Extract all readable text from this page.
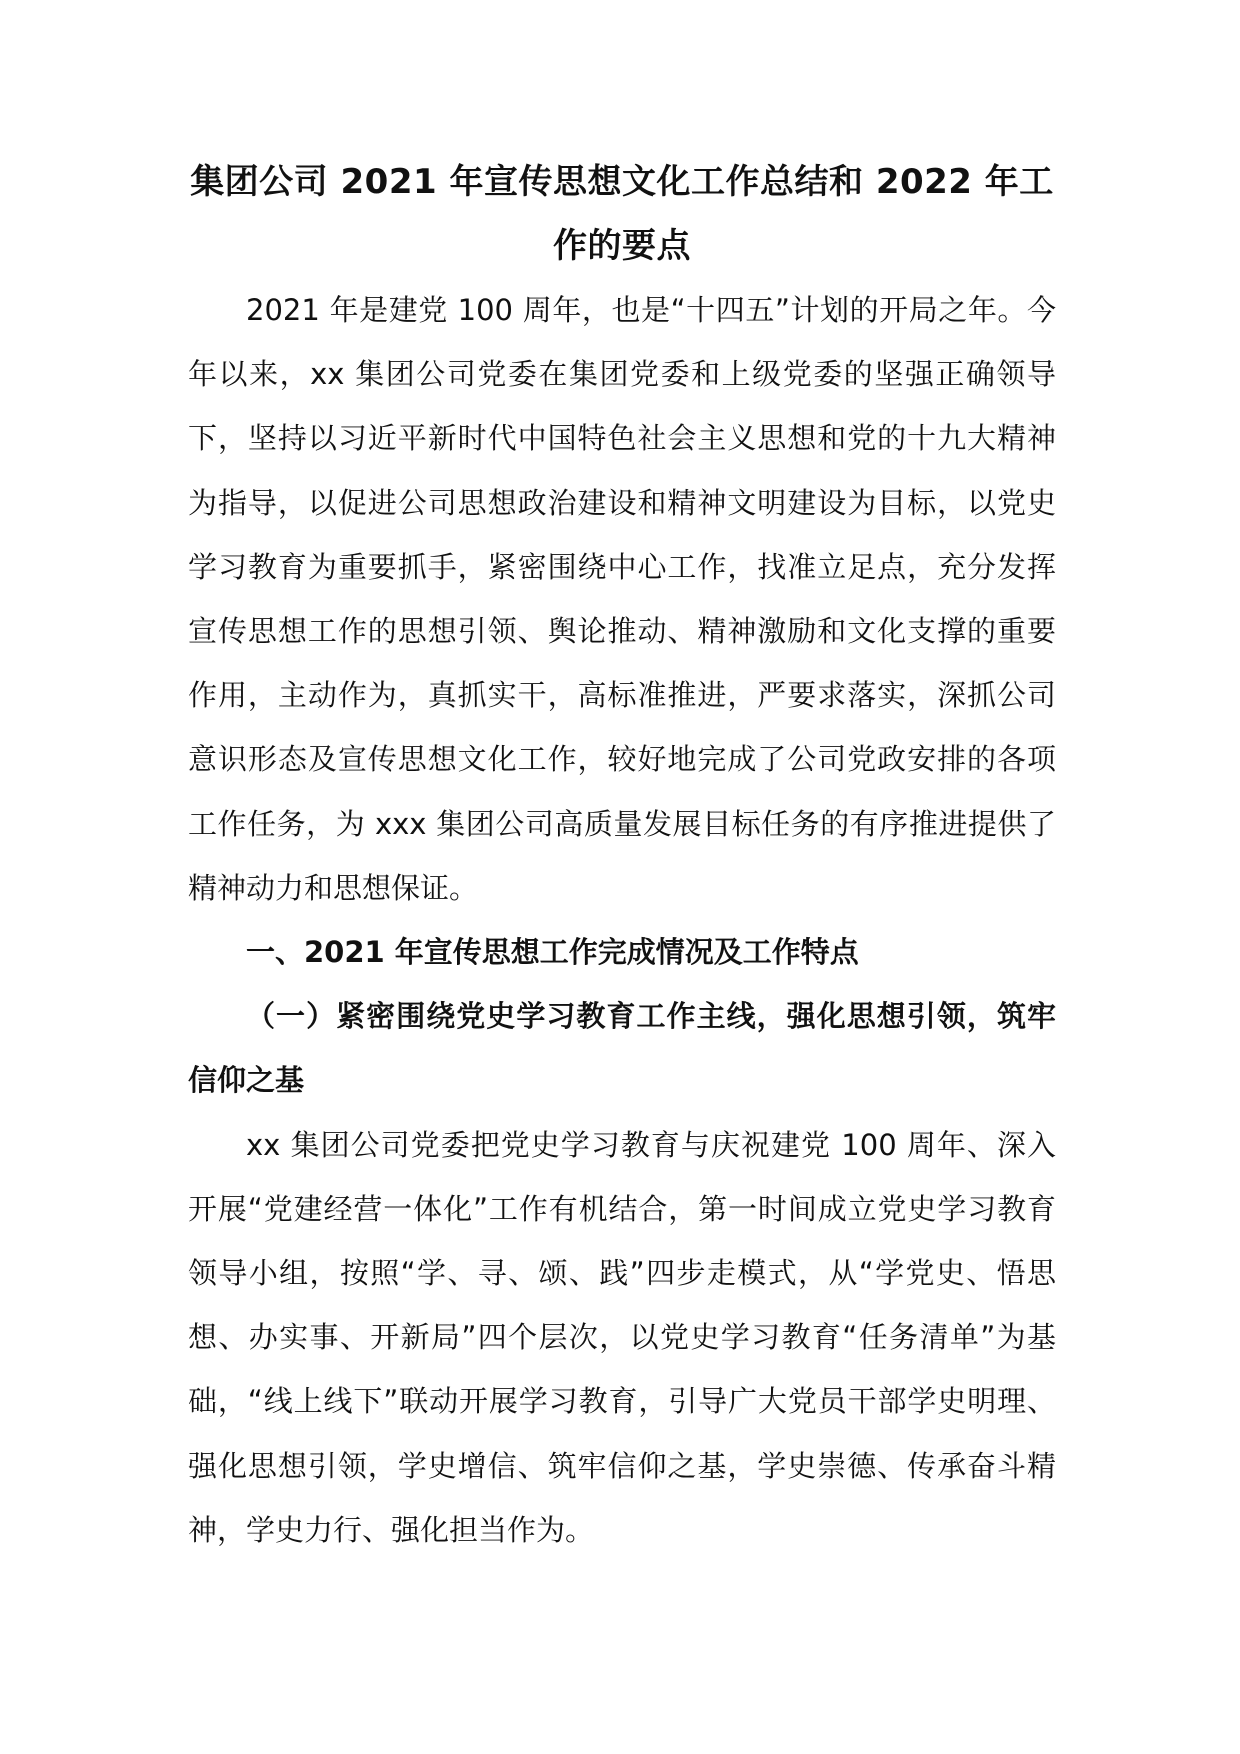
集团公司 2021 年宣传思想文化工作总结和 2022 年工作的要点

2021 年是建党 100 周年，也是“十四五”计划的开局之年。今年以来，xx 集团公司党委在集团党委和上级党委的坚强正确领导下，坚持以习近平新时代中国特色社会主义思想和党的十九大精神为指导，以促进公司思想政治建设和精神文明建设为目标，以党史学习教育为重要抓手，紧密围绕中心工作，找准立足点，充分发挥宣传思想工作的思想引领、舆论推动、精神激励和文化支撑的重要作用，主动作为，真抓实干，高标准推进，严要求落实，深抓公司意识形态及宣传思想文化工作，较好地完成了公司党政安排的各项工作任务，为 xxx 集团公司高质量发展目标任务的有序推进提供了精神动力和思想保证。

一、2021 年宣传思想工作完成情况及工作特点

（一）紧密围绕党史学习教育工作主线，强化思想引领，筑牢信仰之基

xx 集团公司党委把党史学习教育与庆祝建党 100 周年、深入开展“党建经营一体化”工作有机结合，第一时间成立党史学习教育领导小组，按照“学、寻、颂、践”四步走模式，从“学党史、悟思想、办实事、开新局”四个层次，以党史学习教育“任务清单”为基础，“线上线下”联动开展学习教育，引导广大党员干部学史明理、强化思想引领，学史增信、筑牢信仰之基，学史崇德、传承奋斗精神，学史力行、强化担当作为。
